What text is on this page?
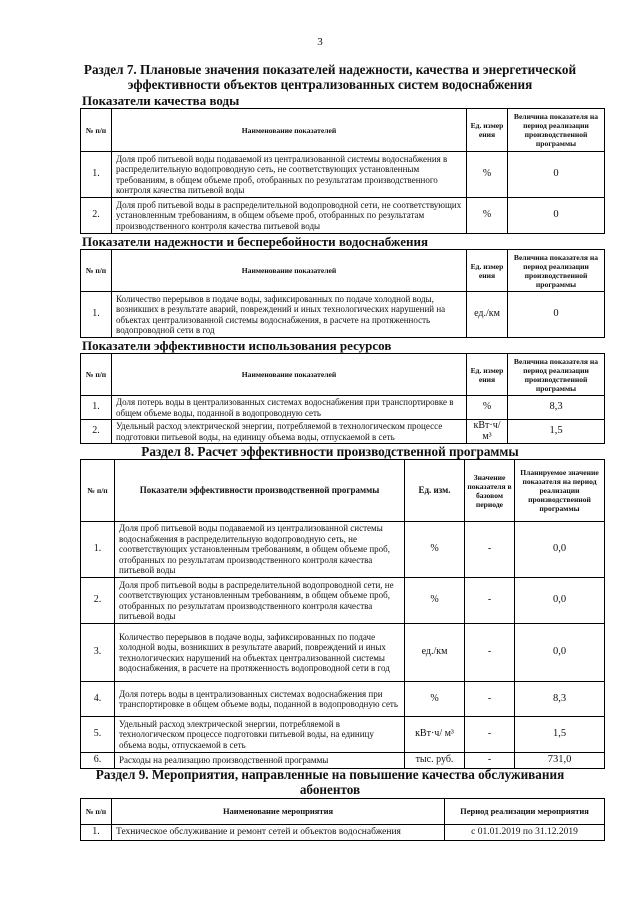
3
Раздел 7. Плановые значения показателей надежности, качества и энергетической
эффективности объектов централизованных систем водоснабжения
Показатели качества воды
№ п/п	Наименование показателей	Ед. измер ения	Величина показателя на период реализации производственной программы
1.	Доля проб питьевой воды подаваемой из централизованной системы водоснабжения в распределительную водопроводную сеть, не соответствующих установленным требованиям, в общем объеме проб, отобранных по результатам производственного контроля качества питьевой воды	%	0
2.	Доля проб питьевой воды в распределительной водопроводной сети, не соответствующих установленным требованиям, в общем объеме проб, отобранных по результатам производственного контроля качества питьевой воды	%	0
Показатели надежности и бесперебойности водоснабжения
№ п/п	Наименование показателей	Ед. измер ения	Величина показателя на период реализации производственной программы
1.	Количество перерывов в подаче воды, зафиксированных по подаче холодной воды, возникших в результате аварий, повреждений и иных технологических нарушений на объектах централизованной системы водоснабжения, в расчете на протяженность водопроводной сети в год	ед./км	0
Показатели эффективности использования ресурсов
№ п/п	Наименование показателей	Ед. измер ения	Величина показателя на период реализации производственной программы
1.	Доля потерь воды в централизованных системах водоснабжения при транспортировке в общем объеме воды, поданной в водопроводную сеть	%	8,3
2.	Удельный расход электрической энергии, потребляемой в технологическом процессе подготовки питьевой воды, на единицу объема воды, отпускаемой в сеть	кВт·ч/ м³	1,5
Раздел 8. Расчет эффективности производственной программы
№ п/п	Показатели эффективности производственной программы	Ед. изм.	Значение показателя в базовом периоде	Планируемое значение показателя на период реализации производственной программы
1.	Доля проб питьевой воды подаваемой из централизованной системы водоснабжения в распределительную водопроводную сеть, не соответствующих установленным требованиям, в общем объеме проб, отобранных по результатам производственного контроля качества питьевой воды	%	-	0,0
2.	Доля проб питьевой воды в распределительной водопроводной сети, не соответствующих установленным требованиям, в общем объеме проб, отобранных по результатам производственного контроля качества питьевой воды	%	-	0,0
3.	Количество перерывов в подаче воды, зафиксированных по подаче холодной воды, возникших в результате аварий, повреждений и иных технологических нарушений на объектах централизованной системы водоснабжения, в расчете на протяженность водопроводной сети в год	ед./км	-	0,0
4.	Доля потерь воды в централизованных системах водоснабжения при транспортировке в общем объеме воды, поданной в водопроводную сеть	%	-	8,3
5.	Удельный расход электрической энергии, потребляемой в технологическом процессе подготовки питьевой воды, на единицу объема воды, отпускаемой в сеть	кВт·ч/ м³	-	1,5
6.	Расходы на реализацию производственной программы	тыс. руб.	-	731,0
Раздел 9. Мероприятия, направленные на повышение качества обслуживания
абонентов
№ п/п	Наименование мероприятия	Период реализации мероприятия
1.	Техническое обслуживание и ремонт сетей и объектов водоснабжения	с 01.01.2019 по 31.12.2019
